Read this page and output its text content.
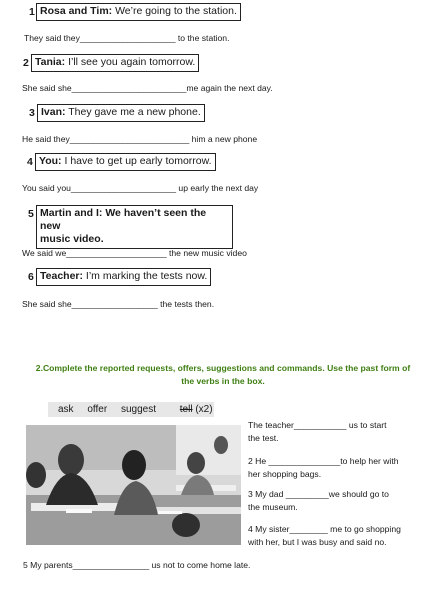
1 Rosa and Tim: We’re going to the station.
They said they____________________ to the station.
2 Tania: I’ll see you again tomorrow.
She said she________________________me again the next day.
3 Ivan: They gave me a new phone.
He said they_________________________ him a new phone
4 You: I have to get up early tomorrow.
You said you______________________ up early the next day
5 Martin and I: We haven’t seen the new
music video.
We said we_____________________ the new music video
6 Teacher: I’m marking the tests now.
She said she__________________ the tests then.
2.Complete the reported requests, offers, suggestions and commands. Use the past form of
the verbs in the box.
ask offer suggest tell (x2)
The teacher___________ us to start
the test.
2 He _______________to help her with
her shopping bags.
3 My dad _________we should go to
the museum.
4 My sister________ me to go shopping
with her, but I was busy and said no.
5 My parents________________ us not to come home late.
